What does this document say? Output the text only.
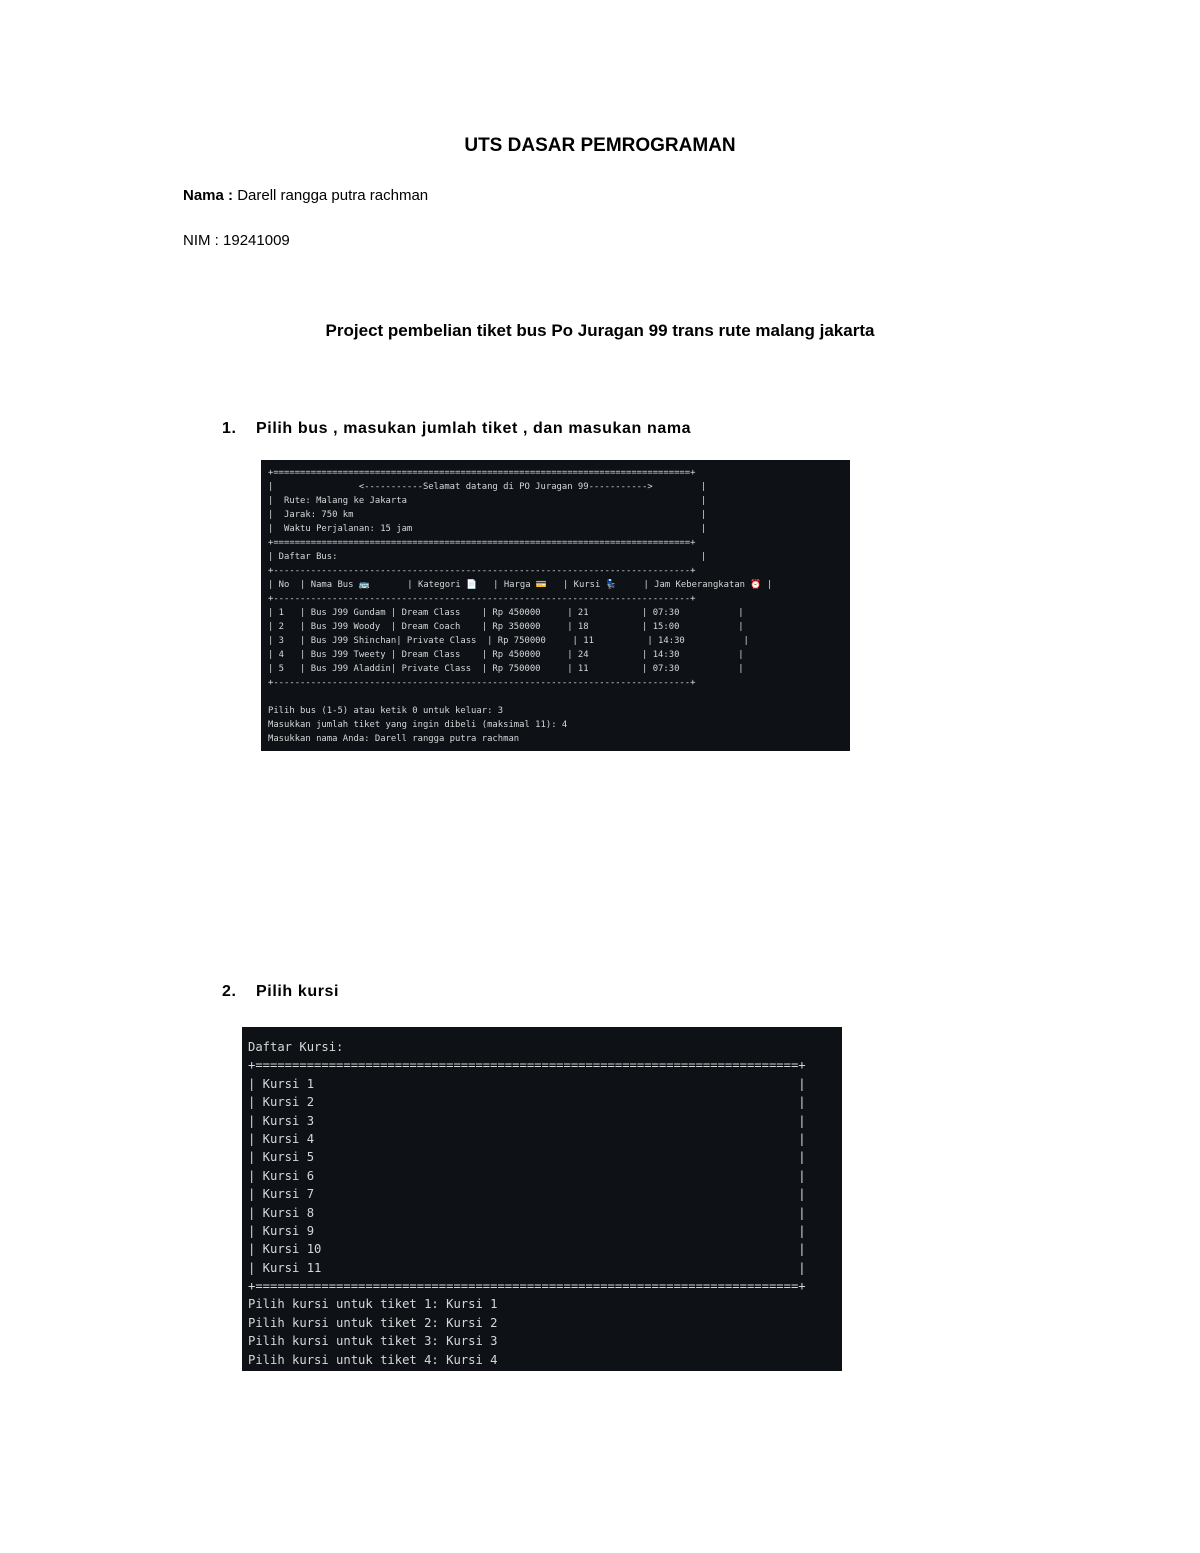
UTS DASAR PEMROGRAMAN
Nama : Darell rangga putra rachman
NIM : 19241009
Project pembelian tiket bus Po Juragan 99 trans rute malang jakarta
1. Pilih bus , masukan jumlah tiket , dan masukan nama
+==============================================================================+
|                <-----------Selamat datang di PO Juragan 99----------->         |
|  Rute: Malang ke Jakarta                                                       |
|  Jarak: 750 km                                                                 |
|  Waktu Perjalanan: 15 jam                                                      |
+==============================================================================+
| Daftar Bus:                                                                    |
+------------------------------------------------------------------------------+
| No  | Nama Bus 🚌       | Kategori 📄   | Harga 💳   | Kursi 💺     | Jam Keberangkatan ⏰ |
+------------------------------------------------------------------------------+
| 1   | Bus J99 Gundam | Dream Class    | Rp 450000     | 21          | 07:30           |
| 2   | Bus J99 Woody  | Dream Coach    | Rp 350000     | 18          | 15:00           |
| 3   | Bus J99 Shinchan| Private Class  | Rp 750000     | 11          | 14:30           |
| 4   | Bus J99 Tweety | Dream Class    | Rp 450000     | 24          | 14:30           |
| 5   | Bus J99 Aladdin| Private Class  | Rp 750000     | 11          | 07:30           |
+------------------------------------------------------------------------------+
Pilih bus (1-5) atau ketik 0 untuk keluar: 3
Masukkan jumlah tiket yang ingin dibeli (maksimal 11): 4
Masukkan nama Anda: Darell rangga putra rachman
2. Pilih kursi
Daftar Kursi:
+==========================================================================+
| Kursi 1                                                                  |
| Kursi 2                                                                  |
| Kursi 3                                                                  |
| Kursi 4                                                                  |
| Kursi 5                                                                  |
| Kursi 6                                                                  |
| Kursi 7                                                                  |
| Kursi 8                                                                  |
| Kursi 9                                                                  |
| Kursi 10                                                                 |
| Kursi 11                                                                 |
+==========================================================================+
Pilih kursi untuk tiket 1: Kursi 1
Pilih kursi untuk tiket 2: Kursi 2
Pilih kursi untuk tiket 3: Kursi 3
Pilih kursi untuk tiket 4: Kursi 4
